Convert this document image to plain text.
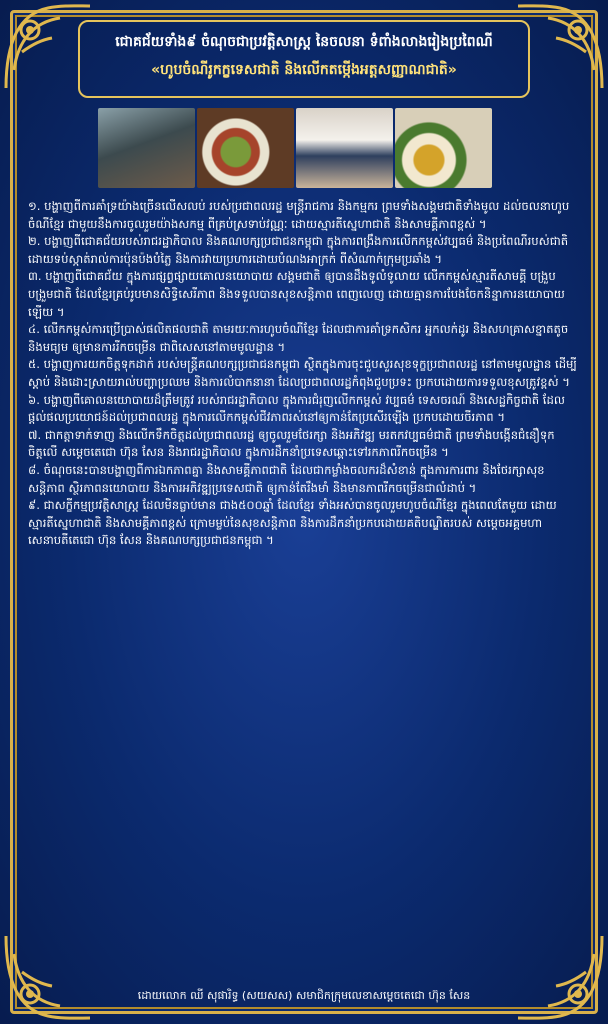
ជោគជ័យទាំង៩ ចំណុចជាប្រវត្តិសាស្ត្រ នៃចលនា ទំពាំងលាងរៀងប្រពៃណី
«ហូបចំណីរូកក្ខទេសជាតិ និងលើកតម្កើងអត្តសញ្ញាណជាតិ»

១. បង្ហាញពីការគាំទ្រយ៉ាងច្រើនលើសលប់ របស់ប្រជាពលរដ្ឋ មន្ត្រីរាជការ និងកម្មករ ព្រមទាំងសង្គមជាតិទាំងមូល ដល់ចលនាហូបចំណីខ្មែរ ជាមួយនឹងការចូលរួមយ៉ាងសកម្ម ពីគ្រប់ស្រទាប់វណ្ណៈ ដោយស្មារតីស្នេហាជាតិ និងសាមគ្គីភាពខ្ពស់ ។

២. បង្ហាញពីជោគជ័យរបស់រាជរដ្ឋាភិបាល និងគណបក្សប្រជាជនកម្ពុជា ក្នុងការពង្រឹងការលើកកម្ពស់វប្បធម៌ និងប្រពៃណីរបស់ជាតិ ដោយទប់ស្កាត់រាល់ការប៉ុនប៉ងបំភ្លៃ និងការវាយប្រហារដោយបំណងអាក្រក់ ពីសំណាក់ក្រុមប្រឆាំង ។

៣. បង្ហាញពីជោគជ័យ ក្នុងការផ្សព្វផ្សាយគោលនយោបាយ សង្គមជាតិ ឲ្យបានដឹងទូលំទូលាយ លើកកម្ពស់ស្មារតីសាមគ្គី បង្រួបបង្រួមជាតិ ដែលខ្មែរគ្រប់រូបមានសិទ្ធិសេរីភាព និងទទួលបានសុខសន្តិភាព ពេញលេញ ដោយគ្មានការបែងចែកនិន្នាការនយោបាយ ឡើយ ។

៤. លើកកម្ពស់ការប្រើប្រាស់ផលិតផលជាតិ តាមរយៈការហូបចំណីខ្មែរ ដែលជាការគាំទ្រកសិករ អ្នកលក់ដូរ និងសហគ្រាសខ្នាតតូចនិងមធ្យម ឲ្យមានការរីកចម្រើន ជាពិសេសនៅតាមមូលដ្ឋាន ។

៥. បង្ហាញការយកចិត្តទុកដាក់ របស់មន្ត្រីគណបក្សប្រជាជនកម្ពុជា ស្ថិតក្នុងការចុះជួបសួរសុខទុក្ខប្រជាពលរដ្ឋ នៅតាមមូលដ្ឋាន ដើម្បីស្តាប់ និងដោះស្រាយរាល់បញ្ហាប្រឈម និងការលំបាកនានា ដែលប្រជាពលរដ្ឋកំពុងជួបប្រទះ ប្រកបដោយការទទួលខុសត្រូវខ្ពស់ ។

៦. បង្ហាញពីគោលនយោបាយដ៏ត្រឹមត្រូវ របស់រាជរដ្ឋាភិបាល ក្នុងការជំរុញលើកកម្ពស់ វប្បធម៌ ទេសចរណ៍ និងសេដ្ឋកិច្ចជាតិ ដែលផ្តល់ផលប្រយោជន៍ដល់ប្រជាពលរដ្ឋ ក្នុងការលើកកម្ពស់ជីវភាពរស់នៅឲ្យកាន់តែប្រសើរឡើង ប្រកបដោយចីរភាព ។

៧. ជាកត្តាទាក់ទាញ និងលើកទឹកចិត្តដល់ប្រជាពលរដ្ឋ ឲ្យចូលរួមថែរក្សា និងអភិវឌ្ឍ មរតកវប្បធម៌ជាតិ ព្រមទាំងបង្កើនជំនឿទុកចិត្តលើ សម្តេចតេជោ ហ៊ុន សែន និងរាជរដ្ឋាភិបាល ក្នុងការដឹកនាំប្រទេសឆ្ពោះទៅរកភាពរីកចម្រើន ។

៨. ចំណុចនេះបានបង្ហាញពីការឯកភាពគ្នា និងសាមគ្គីភាពជាតិ ដែលជាកម្លាំងចលករដ៏សំខាន់ ក្នុងការការពារ និងថែរក្សាសុខសន្តិភាព ស្ថិរភាពនយោបាយ និងការអភិវឌ្ឍប្រទេសជាតិ ឲ្យកាន់តែរឹងមាំ និងមានភាពរីកចម្រើនជាលំដាប់ ។

៩. ជាសក្ខីកម្មប្រវត្តិសាស្ត្រ ដែលមិនធ្លាប់មាន ជាង៥០០ឆ្នាំ ដែលខ្មែរ ទាំងអស់បានចូលរួមហូបចំណីខ្មែរ ក្នុងពេលតែមួយ ដោយស្មារតីស្នេហាជាតិ និងសាមគ្គីភាពខ្ពស់ ក្រោមម្លប់នៃសុខសន្តិភាព និងការដឹកនាំប្រកបដោយគតិបណ្ឌិតរបស់ សម្តេចអគ្គមហាសេនាបតីតេជោ ហ៊ុន សែន និងគណបក្សប្រជាជនកម្ពុជា ។

ដោយលោក ឈី សុផារិទ្ធ (សយសស) សមាជិកក្រុមលេខាសម្តេចតេជោ ហ៊ុន សែន
